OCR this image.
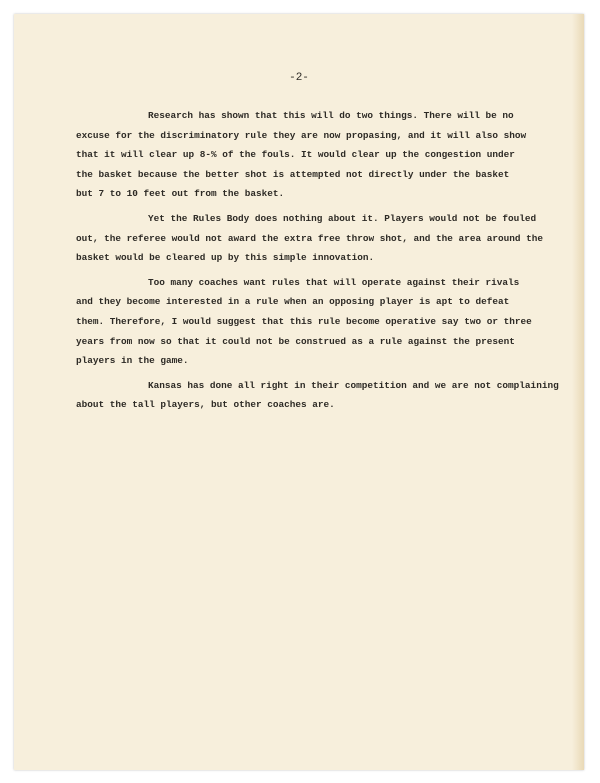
-2-
Research has shown that this will do two things. There will be no
excuse for the discriminatory rule they are now propasing, and it will also show
that it will clear up 8-% of the fouls. It would clear up the congestion under
the basket because the better shot is attempted not directly under the basket
but 7 to 10 feet out from the basket.
Yet the Rules Body does nothing about it. Players would not be fouled
out, the referee would not award the extra free throw shot, and the area around the
basket would be cleared up by this simple innovation.
Too many coaches want rules that will operate against their rivals
and they become interested in a rule when an opposing player is apt to defeat
them. Therefore, I would suggest that this rule become operative say two or three
years from now so that it could not be construed as a rule against the present
players in the game.
Kansas has done all right in their competition and we are not complaining
about the tall players, but other coaches are.
